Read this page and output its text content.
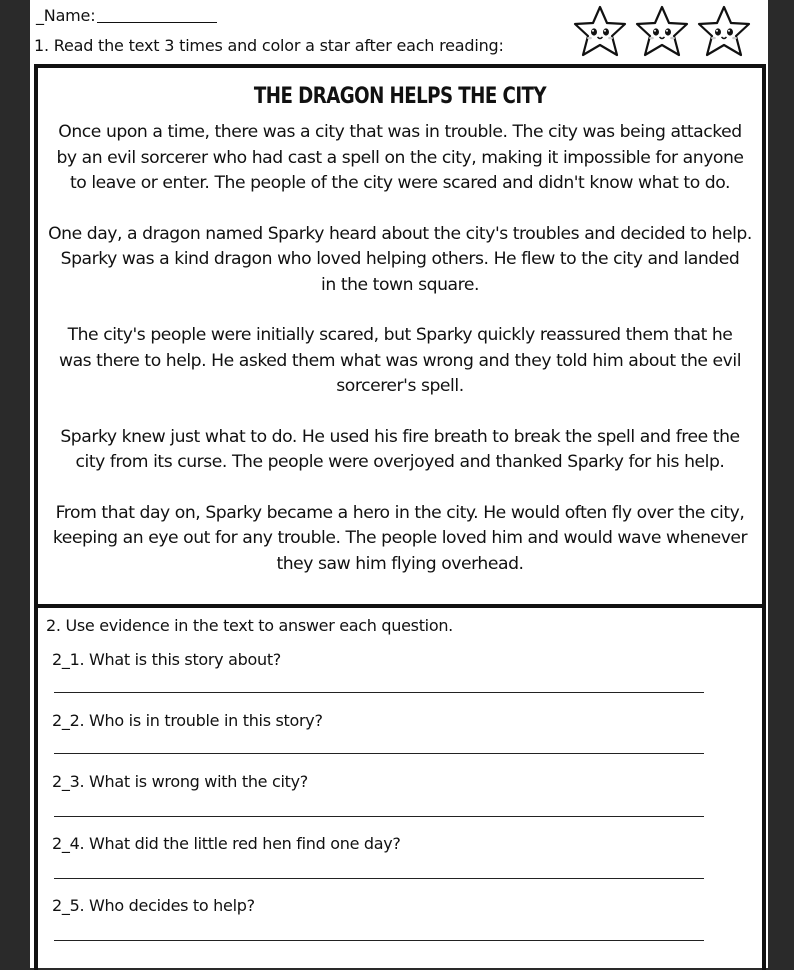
_Name:
1. Read the text 3 times and color a star after each reading:
THE DRAGON HELPS THE CITY

Once upon a time, there was a city that was in trouble. The city was being attacked
by an evil sorcerer who had cast a spell on the city, making it impossible for anyone
to leave or enter. The people of the city were scared and didn't know what to do.

One day, a dragon named Sparky heard about the city's troubles and decided to help.
Sparky was a kind dragon who loved helping others. He flew to the city and landed
in the town square.

The city's people were initially scared, but Sparky quickly reassured them that he
was there to help. He asked them what was wrong and they told him about the evil
sorcerer's spell.

Sparky knew just what to do. He used his fire breath to break the spell and free the
city from its curse. The people were overjoyed and thanked Sparky for his help.

From that day on, Sparky became a hero in the city. He would often fly over the city,
keeping an eye out for any trouble. The people loved him and would wave whenever
they saw him flying overhead.

2. Use evidence in the text to answer each question.
2_1. What is this story about?
2_2. Who is in trouble in this story?
2_3. What is wrong with the city?
2_4. What did the little red hen find one day?
2_5. Who decides to help?
